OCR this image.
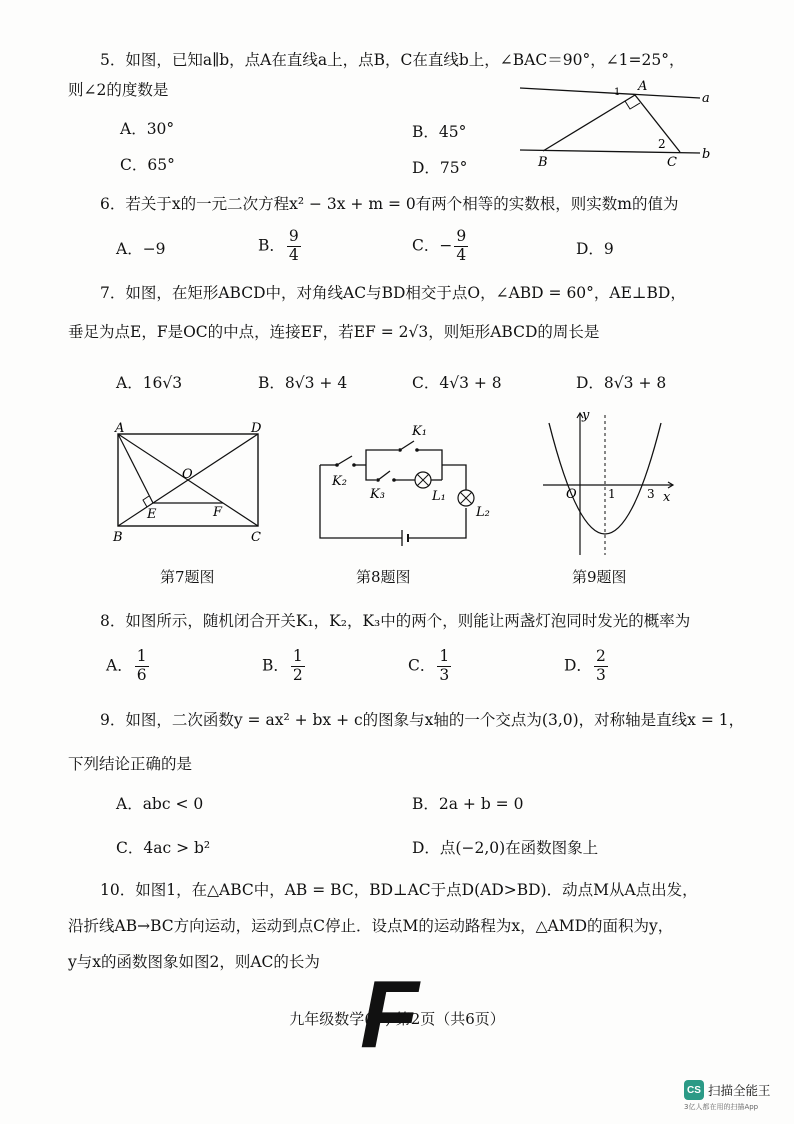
5．如图，已知a∥b，点A在直线a上，点B，C在直线b上，∠BAC＝90°，∠1=25°，
则∠2的度数是
A．30°	B．45°
C．65°	D．75°
A
a
B	C
b
1
2
6．若关于x的一元二次方程x² − 3x + m = 0有两个相等的实数根，则实数m的值为
A．−9	B． $\frac{9}{4}$	C．− $\frac{9}{4}$	D．9
7．如图，在矩形ABCD中，对角线AC与BD相交于点O，∠ABD = 60°，AE⊥BD，
垂足为点E，F是OC的中点，连接EF，若EF = 2√3，则矩形ABCD的周长是
A．16√3	B．8√3 + 4	C．4√3 + 8	D．8√3 + 8
A	D
B	C
O
E	F
K₁
K₂
K₃	L₁
L₂
y
x
O	1	3
第7题图	第8题图	第9题图
8．如图所示，随机闭合开关K₁，K₂，K₃中的两个，则能让两盏灯泡同时发光的概率为
A． $\frac{1}{6}$	B． $\frac{1}{2}$	C． $\frac{1}{3}$	D． $\frac{2}{3}$
9．如图，二次函数y = ax² + bx + c的图象与x轴的一个交点为(3,0)，对称轴是直线x = 1，
下列结论正确的是
A．abc < 0	B．2a + b = 0
C．4ac > b²	D．点(−2,0)在函数图象上
10．如图1，在△ABC中，AB = BC，BD⊥AC于点D(AD>BD)．动点M从A点出发，
沿折线AB→BC方向运动，运动到点C停止．设点M的运动路程为x，△AMD的面积为y，
y与x的函数图象如图2，则AC的长为 F
九年级数学(一) 第2页（共6页）
CS 扫描全能王
3亿人都在用的扫描App
